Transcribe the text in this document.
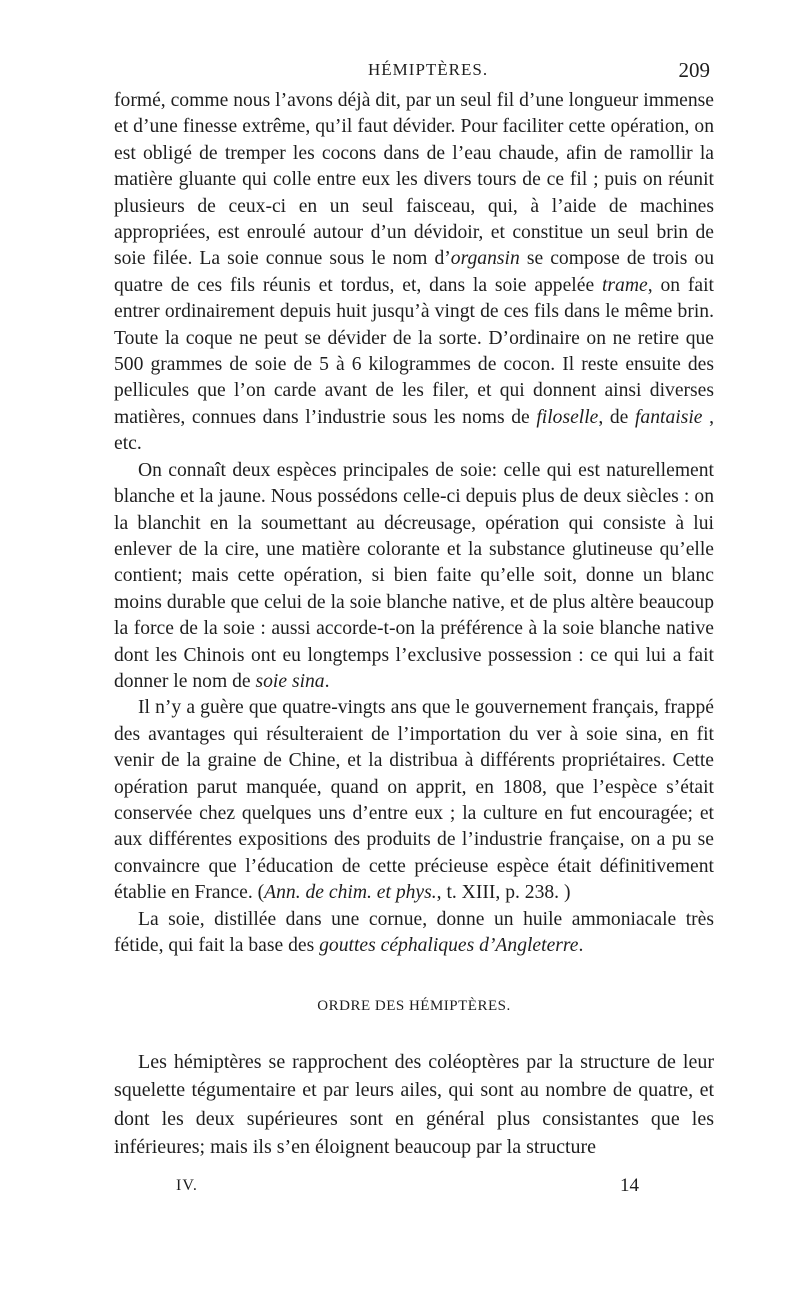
HÉMIPTÈRES.	209

formé, comme nous l’avons déjà dit, par un seul fil d’une longueur immense et d’une finesse extrême, qu’il faut dévider. Pour faciliter cette opération, on est obligé de tremper les cocons dans de l’eau chaude, afin de ramollir la matière gluante qui colle entre eux les divers tours de ce fil ; puis on réunit plusieurs de ceux-ci en un seul faisceau, qui, à l’aide de machines appropriées, est enroulé autour d’un dévidoir, et constitue un seul brin de soie filée. La soie connue sous le nom d’organsin se compose de trois ou quatre de ces fils réunis et tordus, et, dans la soie appelée trame, on fait entrer ordinairement depuis huit jusqu’à vingt de ces fils dans le même brin. Toute la coque ne peut se dévider de la sorte. D’ordinaire on ne retire que 500 grammes de soie de 5 à 6 kilogrammes de cocon. Il reste ensuite des pellicules que l’on carde avant de les filer, et qui donnent ainsi diverses matières, connues dans l’industrie sous les noms de filoselle, de fantaisie , etc.

On connaît deux espèces principales de soie: celle qui est naturellement blanche et la jaune. Nous possédons celle-ci depuis plus de deux siècles : on la blanchit en la soumettant au décreusage, opération qui consiste à lui enlever de la cire, une matière colorante et la substance glutineuse qu’elle contient; mais cette opération, si bien faite qu’elle soit, donne un blanc moins durable que celui de la soie blanche native, et de plus altère beaucoup la force de la soie : aussi accorde-t-on la préférence à la soie blanche native dont les Chinois ont eu longtemps l’exclusive possession : ce qui lui a fait donner le nom de soie sina.

Il n’y a guère que quatre-vingts ans que le gouvernement français, frappé des avantages qui résulteraient de l’importation du ver à soie sina, en fit venir de la graine de Chine, et la distribua à différents propriétaires. Cette opération parut manquée, quand on apprit, en 1808, que l’espèce s’était conservée chez quelques uns d’entre eux ; la culture en fut encouragée; et aux différentes expositions des produits de l’industrie française, on a pu se convaincre que l’éducation de cette précieuse espèce était définitivement établie en France. (Ann. de chim. et phys., t. XIII, p. 238. )

La soie, distillée dans une cornue, donne un huile ammoniacale très fétide, qui fait la base des gouttes céphaliques d’Angleterre.

ORDRE DES HÉMIPTÈRES.

Les hémiptères se rapprochent des coléoptères par la structure de leur squelette tégumentaire et par leurs ailes, qui sont au nombre de quatre, et dont les deux supérieures sont en général plus consistantes que les inférieures; mais ils s’en éloignent beaucoup par la structure

IV.	14
